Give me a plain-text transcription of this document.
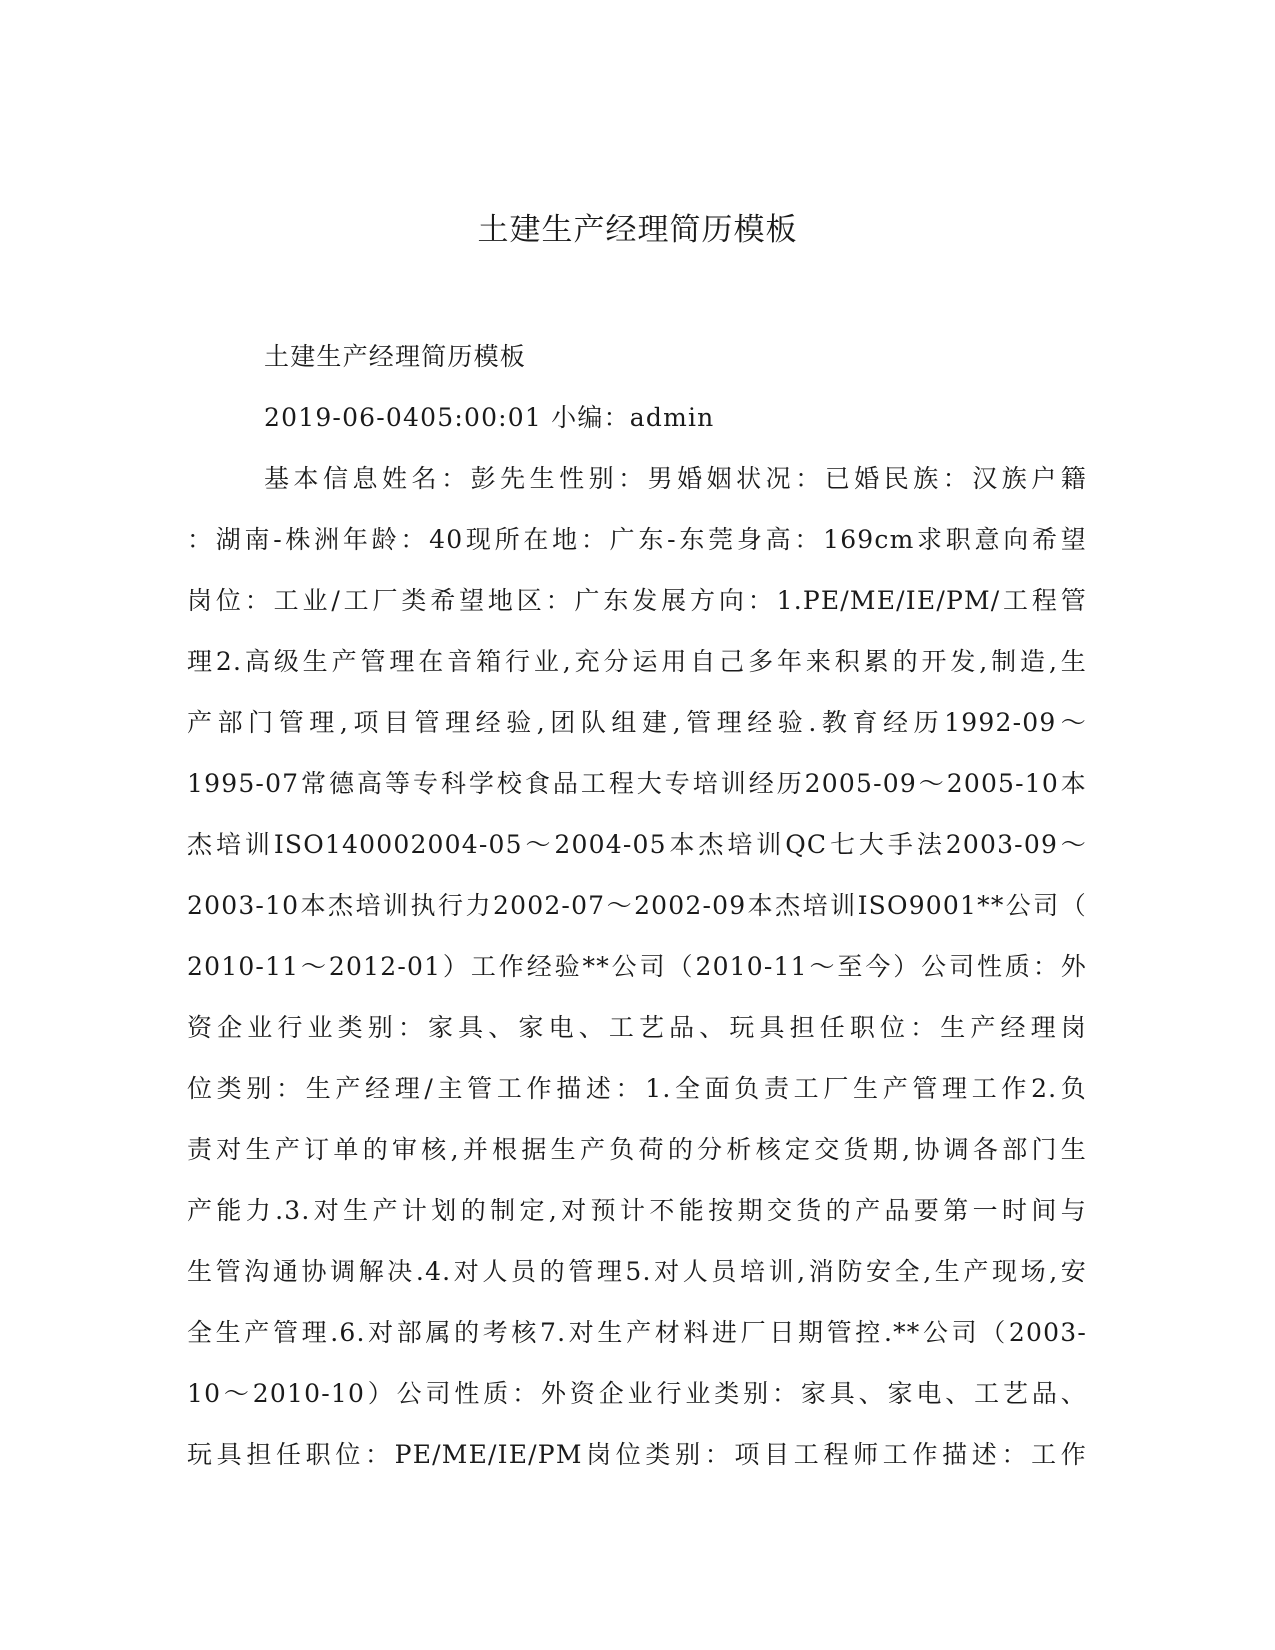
土建生产经理简历模板

土建生产经理简历模板

2019-06-0405:00:01 小编：admin

基本信息姓名：彭先生性别：男婚姻状况：已婚民族：汉族户籍

：湖南-株洲年龄：40现所在地：广东-东莞身高：169cm求职意向希望

岗位：工业/工厂类希望地区：广东发展方向：1.PE/ME/IE/PM/工程管

理2.高级生产管理在音箱行业,充分运用自己多年来积累的开发,制造,生

产部门管理,项目管理经验,团队组建,管理经验.教育经历1992-09～

1995-07常德高等专科学校食品工程大专培训经历2005-09～2005-10本

杰培训ISO140002004-05～2004-05本杰培训QC七大手法2003-09～

2003-10本杰培训执行力2002-07～2002-09本杰培训ISO9001**公司（

2010-11～2012-01）工作经验**公司（2010-11～至今）公司性质：外

资企业行业类别：家具、家电、工艺品、玩具担任职位：生产经理岗

位类别：生产经理/主管工作描述：1.全面负责工厂生产管理工作2.负

责对生产订单的审核,并根据生产负荷的分析核定交货期,协调各部门生

产能力.3.对生产计划的制定,对预计不能按期交货的产品要第一时间与

生管沟通协调解决.4.对人员的管理5.对人员培训,消防安全,生产现场,安

全生产管理.6.对部属的考核7.对生产材料进厂日期管控.**公司（2003-

10～2010-10）公司性质：外资企业行业类别：家具、家电、工艺品、

玩具担任职位：PE/ME/IE/PM岗位类别：项目工程师工作描述：工作
